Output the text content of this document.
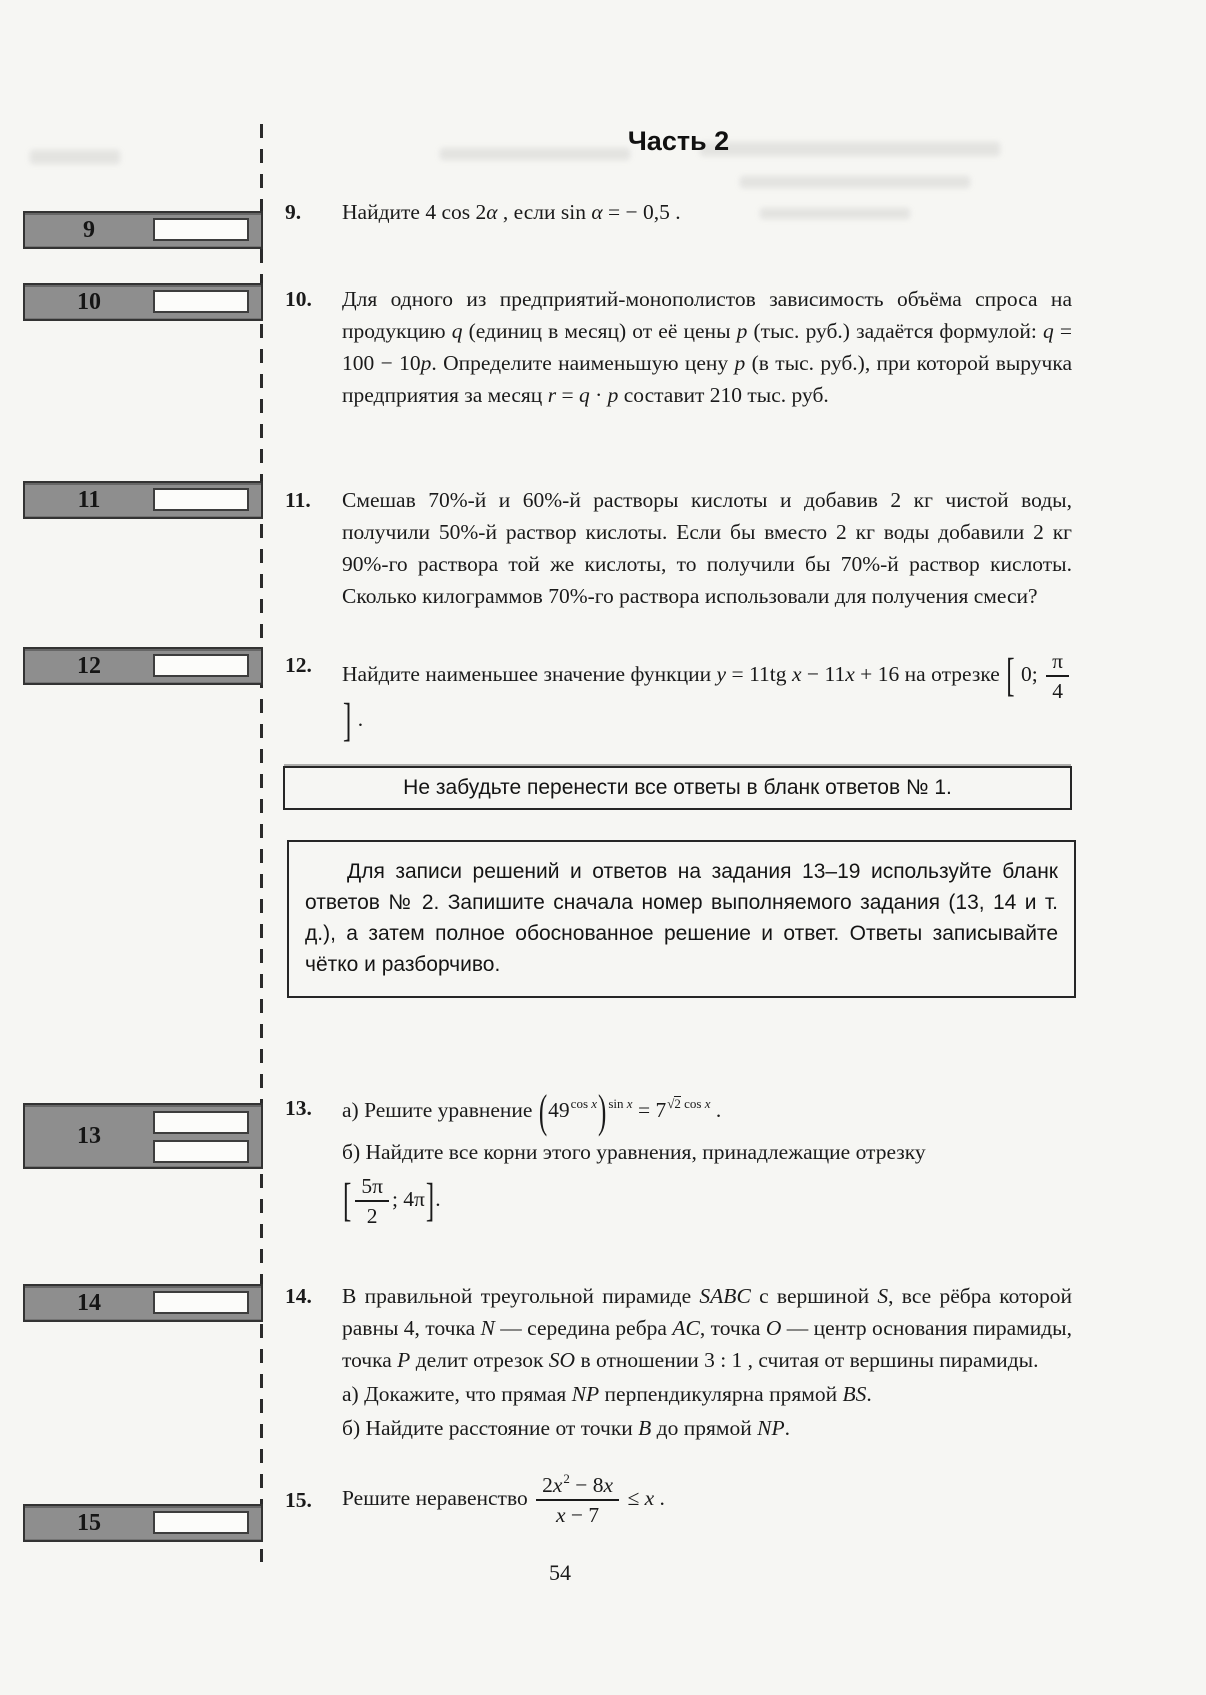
9
10
11
12
13
14
15
Часть 2
9.	Найдите 4 cos 2α , если sin α = − 0,5 .
10.	Для одного из предприятий-монополистов зависимость объёма спроса на продукцию q (единиц в месяц) от её цены p (тыс. руб.) задаётся формулой: q = 100 − 10p. Определите наименьшую цену p (в тыс. руб.), при которой выручка предприятия за месяц r = q · p составит 210 тыс. руб.
11.	Смешав 70%-й и 60%-й растворы кислоты и добавив 2 кг чистой воды, получили 50%-й раствор кислоты. Если бы вместо 2 кг воды добавили 2 кг 90%-го раствора той же кислоты, то получили бы 70%-й раствор кислоты. Сколько килограммов 70%-го раствора использовали для получения смеси?
12.	Найдите наименьшее значение функции y = 11tg x − 11x + 16 на отрезке [ 0; $\frac{\pi}{4}$
] .
Не забудьте перенести все ответы в бланк ответов № 1.
Для записи решений и ответов на задания 13–19 используйте бланк ответов № 2. Запишите сначала номер выполняемого задания (13, 14 и т. д.), а затем полное обоснованное решение и ответ. Ответы записывайте чётко и разборчиво.
13.	а) Решите уравнение $(49^{cos x}) ^{sin x} = 7^{√2 cos x}$ .
б) Найдите все корни этого уравнения, принадлежащие отрезку
[ $\frac{5\pi}{2}$ ; 4π].
14.	В правильной треугольной пирамиде SABC с вершиной S, все рёбра которой равны 4, точка N — середина ребра AC, точка O — центр основания пирамиды, точка P делит отрезок SO в отношении 3 : 1 , считая от вершины пирамиды.
а) Докажите, что прямая NP перпендикулярна прямой BS.
б) Найдите расстояние от точки B до прямой NP.
15.	Решите неравенство $\frac{2x^2 - 8x}{x - 7} \le x$ .
54
